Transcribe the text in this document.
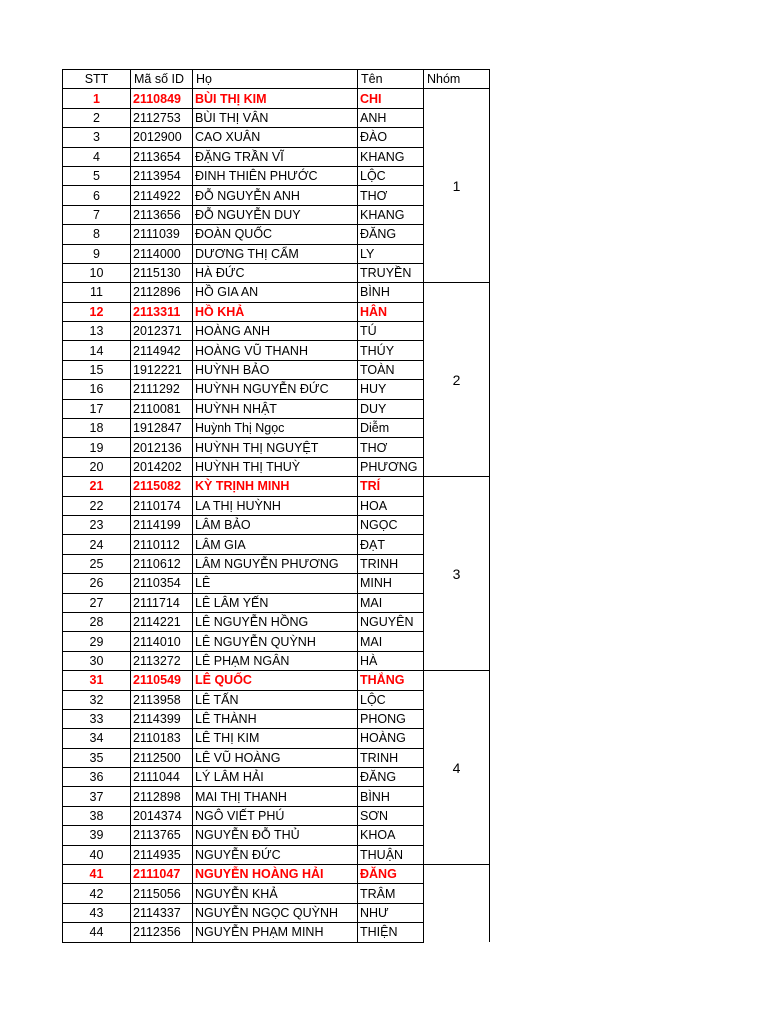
STT	Mã số ID	Họ	Tên	Nhóm
1	2110849	BÙI THỊ KIM	CHI	1
2	2112753	BÙI THỊ VÂN	ANH	
3	2012900	CAO XUÂN	ĐÀO	
4	2113654	ĐẶNG TRẦN VĨ	KHANG	
5	2113954	ĐINH THIÊN PHƯỚC	LỘC	
6	2114922	ĐỖ NGUYỄN ANH	THƠ	
7	2113656	ĐỖ NGUYỄN DUY	KHANG	
8	2111039	ĐOÀN QUỐC	ĐĂNG	
9	2114000	DƯƠNG THỊ CẨM	LY	
10	2115130	HÀ ĐỨC	TRUYỀN	
11	2112896	HỒ GIA AN	BÌNH	2
12	2113311	HỒ KHẢ	HÂN	
13	2012371	HOÀNG ANH	TÚ	
14	2114942	HOÀNG VŨ THANH	THÚY	
15	1912221	HUỲNH BẢO	TOÀN	
16	2111292	HUỲNH NGUYỄN ĐỨC	HUY	
17	2110081	HUỲNH NHẬT	DUY	
18	1912847	Huỳnh Thị Ngọc	Diễm	
19	2012136	HUỲNH THỊ NGUYỆT	THƠ	
20	2014202	HUỲNH THỊ THUỲ	PHƯƠNG	
21	2115082	KỲ TRỊNH MINH	TRÍ	3
22	2110174	LA THỊ HUỲNH	HOA	
23	2114199	LÂM BẢO	NGỌC	
24	2110112	LÂM GIA	ĐẠT	
25	2110612	LÂM NGUYỄN PHƯƠNG	TRINH	
26	2110354	LÊ	MINH	
27	2111714	LÊ LÂM YẾN	MAI	
28	2114221	LÊ NGUYỄN HỒNG	NGUYÊN	
29	2114010	LÊ NGUYỄN QUỲNH	MAI	
30	2113272	LÊ PHẠM NGÂN	HÀ	
31	2110549	LÊ QUỐC	THẮNG	4
32	2113958	LÊ TẤN	LỘC	
33	2114399	LÊ THÀNH	PHONG	
34	2110183	LÊ THỊ KIM	HOÀNG	
35	2112500	LÊ VŨ HOÀNG	TRINH	
36	2111044	LÝ LÂM HẢI	ĐĂNG	
37	2112898	MAI THỊ THANH	BÌNH	
38	2014374	NGÔ VIẾT PHÚ	SƠN	
39	2113765	NGUYỄN ĐỖ THỦ	KHOA	
40	2114935	NGUYỄN ĐỨC	THUẬN	
41	2111047	NGUYỄN HOÀNG HẢI	ĐĂNG	
42	2115056	NGUYỄN KHẢ	TRÂM	
43	2114337	NGUYỄN NGỌC QUỲNH	NHƯ	
44	2112356	NGUYỄN PHẠM MINH	THIỆN	
